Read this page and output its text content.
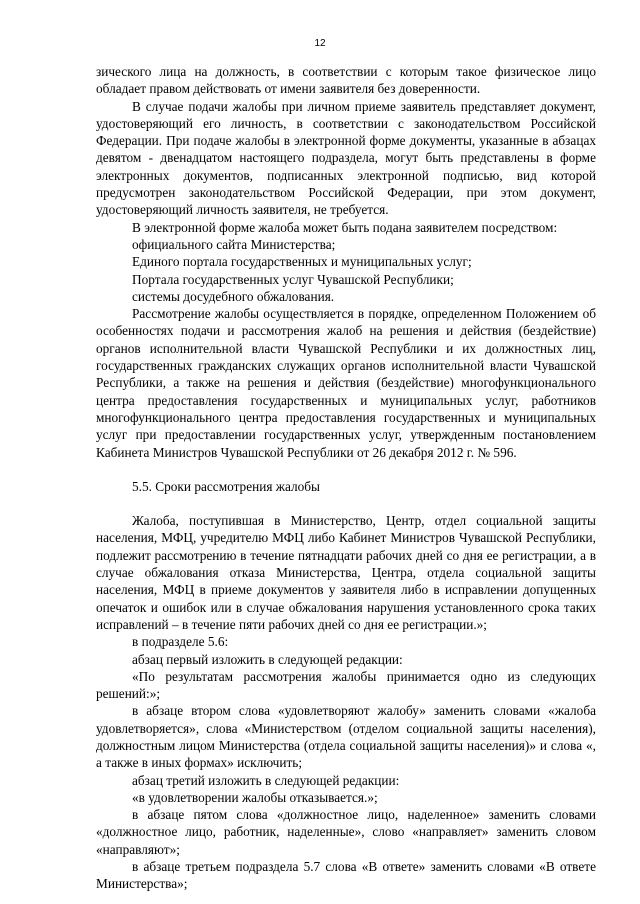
12

зического лица на должность, в соответствии с которым такое физическое лицо обладает правом действовать от имени заявителя без доверенности.

В случае подачи жалобы при личном приеме заявитель представляет документ, удостоверяющий его личность, в соответствии с законодательством Российской Федерации. При подаче жалобы в электронной форме документы, указанные в абзацах девятом - двенадцатом настоящего подраздела, могут быть представлены в форме электронных документов, подписанных электронной подписью, вид которой предусмотрен законодательством Российской Федерации, при этом документ, удостоверяющий личность заявителя, не требуется.

В электронной форме жалоба может быть подана заявителем посредством:

официального сайта Министерства;

Единого портала государственных и муниципальных услуг;

Портала государственных услуг Чувашской Республики;

системы досудебного обжалования.

Рассмотрение жалобы осуществляется в порядке, определенном Положением об особенностях подачи и рассмотрения жалоб на решения и действия (бездействие) органов исполнительной власти Чувашской Республики и их должностных лиц, государственных гражданских служащих органов исполнительной власти Чувашской Республики, а также на решения и действия (бездействие) многофункционального центра предоставления государственных и муниципальных услуг, работников многофункционального центра предоставления государственных и муниципальных услуг при предоставлении государственных услуг, утвержденным постановлением Кабинета Министров Чувашской Республики от 26 декабря 2012 г. № 596.

5.5. Сроки рассмотрения жалобы

Жалоба, поступившая в Министерство, Центр, отдел социальной защиты населения, МФЦ, учредителю МФЦ либо Кабинет Министров Чувашской Республики, подлежит рассмотрению в течение пятнадцати рабочих дней со дня ее регистрации, а в случае обжалования отказа Министерства, Центра, отдела социальной защиты населения, МФЦ в приеме документов у заявителя либо в исправлении допущенных опечаток и ошибок или в случае обжалования нарушения установленного срока таких исправлений – в течение пяти рабочих дней со дня ее регистрации.»;

в подразделе 5.6:

абзац первый изложить в следующей редакции:

«По результатам рассмотрения жалобы принимается одно из следующих решений:»;

в абзаце втором слова «удовлетворяют жалобу» заменить словами «жалоба удовлетворяется», слова «Министерством (отделом социальной защиты населения), должностным лицом Министерства (отдела социальной защиты населения)» и слова «, а также в иных формах» исключить;

абзац третий изложить в следующей редакции:

«в удовлетворении жалобы отказывается.»;

в абзаце пятом слова «должностное лицо, наделенное» заменить словами «должностное лицо, работник, наделенные», слово «направляет» заменить словом «направляют»;

в абзаце третьем подраздела 5.7 слова «В ответе» заменить словами «В ответе Министерства»;
